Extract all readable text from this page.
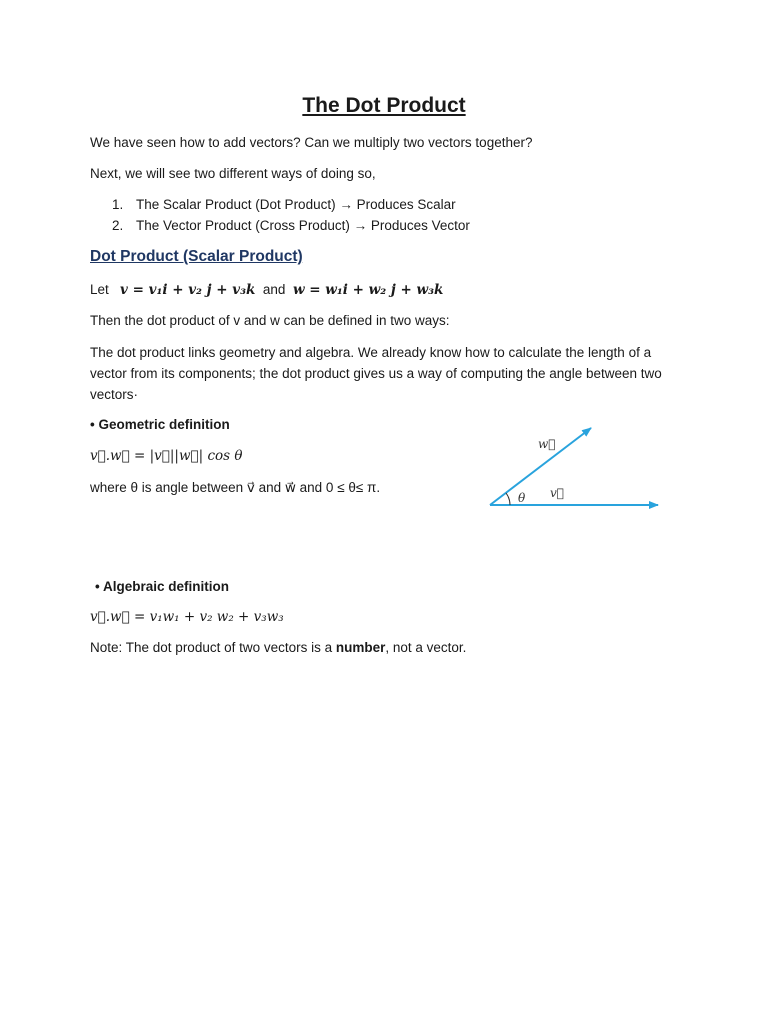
The Dot Product

We have seen how to add vectors? Can we multiply two vectors together?

Next, we will see two different ways of doing so,

1. The Scalar Product (Dot Product) → Produces Scalar
2. The Vector Product (Cross Product) → Produces Vector
Dot Product (Scalar Product)
Let v = v₁i + v₂ j + v₃k and w = w₁i + w₂ j + w₃k

Then the dot product of v and w can be defined in two ways:

The dot product links geometry and algebra. We already know how to calculate the length of a vector from its components; the dot product gives us a way of computing the angle between two vectors·

• Geometric definition

v⃗.w⃗ = |v⃗||w⃗| cos θ

where θ is angle between v⃗ and w⃗ and 0 ≤ θ≤ π.

w⃗
v⃗
θ

• Algebraic definition

v⃗.w⃗ = v₁w₁ + v₂ w₂ + v₃w₃

Note: The dot product of two vectors is a number, not a vector.
